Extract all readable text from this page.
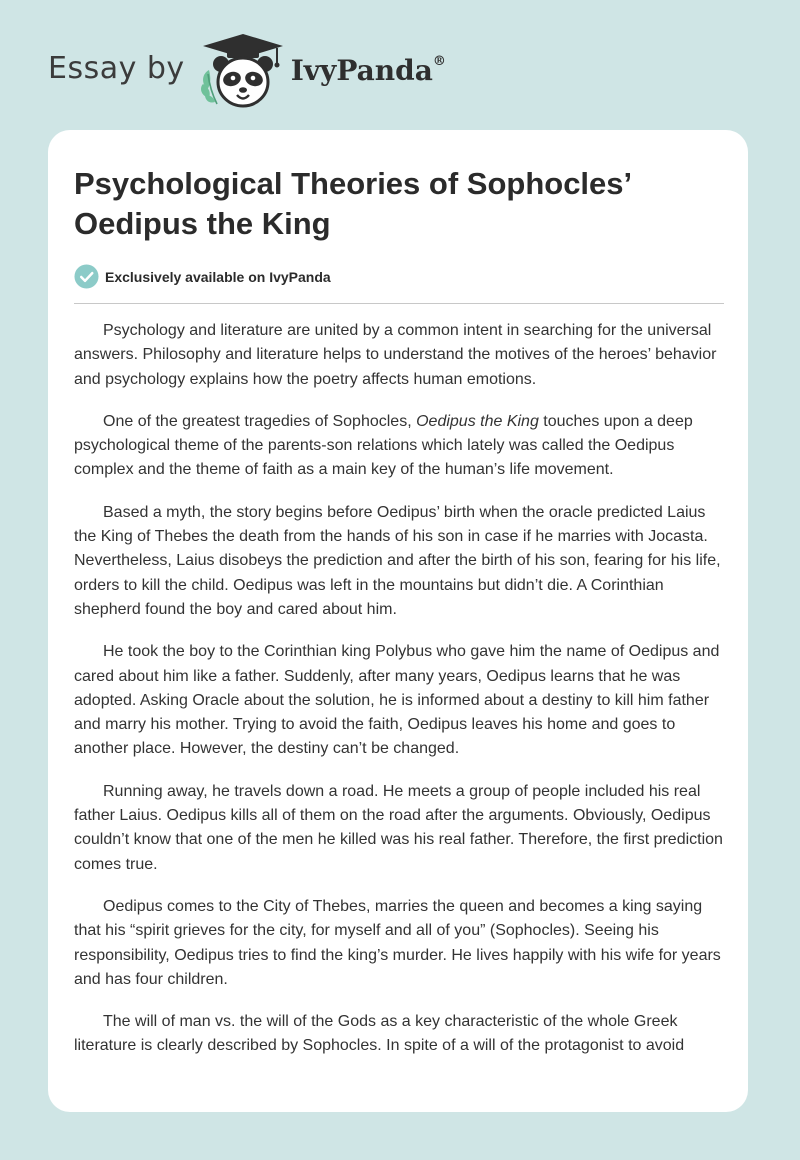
Essay by	IvyPanda®
Psychological Theories of Sophocles’ Oedipus the King
Exclusively available on IvyPanda

Psychology and literature are united by a common intent in searching for the universal answers. Philosophy and literature helps to understand the motives of the heroes’ behavior and psychology explains how the poetry affects human emotions.

One of the greatest tragedies of Sophocles, Oedipus the King touches upon a deep psychological theme of the parents-son relations which lately was called the Oedipus complex and the theme of faith as a main key of the human’s life movement.

Based a myth, the story begins before Oedipus’ birth when the oracle predicted Laius the King of Thebes the death from the hands of his son in case if he marries with Jocasta. Nevertheless, Laius disobeys the prediction and after the birth of his son, fearing for his life, orders to kill the child. Oedipus was left in the mountains but didn’t die. A Corinthian shepherd found the boy and cared about him.

He took the boy to the Corinthian king Polybus who gave him the name of Oedipus and cared about him like a father. Suddenly, after many years, Oedipus learns that he was adopted. Asking Oracle about the solution, he is informed about a destiny to kill him father and marry his mother. Trying to avoid the faith, Oedipus leaves his home and goes to another place. However, the destiny can’t be changed.

Running away, he travels down a road. He meets a group of people included his real father Laius. Oedipus kills all of them on the road after the arguments. Obviously, Oedipus couldn’t know that one of the men he killed was his real father. Therefore, the first prediction comes true.

Oedipus comes to the City of Thebes, marries the queen and becomes a king saying that his “spirit grieves for the city, for myself and all of you” (Sophocles). Seeing his responsibility, Oedipus tries to find the king’s murder. He lives happily with his wife for years and has four children.

The will of man vs. the will of the Gods as a key characteristic of the whole Greek literature is clearly described by Sophocles. In spite of a will of the protagonist to avoid
